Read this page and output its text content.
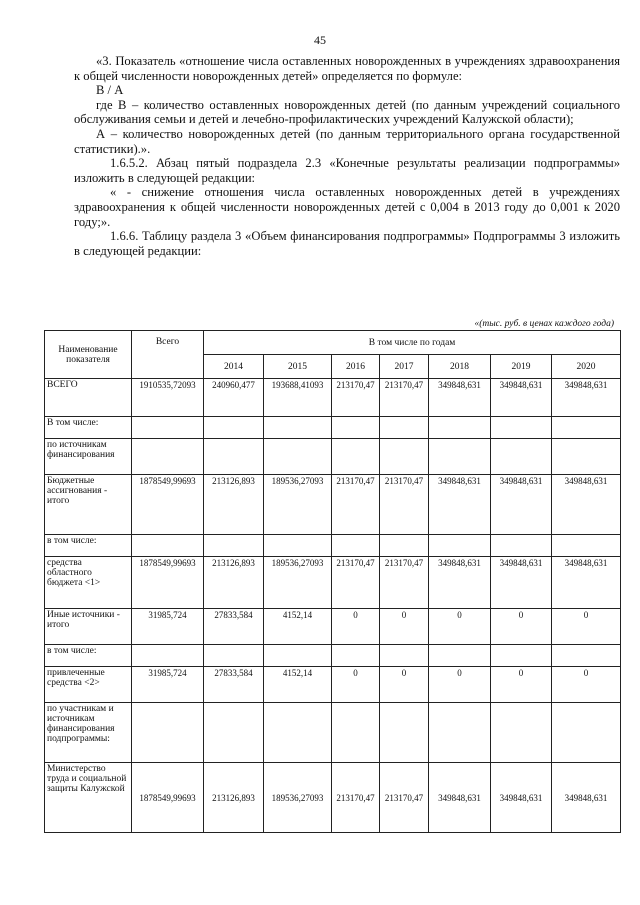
45

«3. Показатель «отношение числа оставленных новорожденных в учреждениях здравоохранения к общей численности новорожденных детей» определяется по формуле:

В / А

где В – количество оставленных новорожденных детей (по данным учреждений социального обслуживания семьи и детей и лечебно-профилактических учреждений Калужской области);

А – количество новорожденных детей (по данным территориального органа государственной статистики).».

1.6.5.2. Абзац пятый подраздела 2.3 «Конечные результаты реализации подпрограммы» изложить в следующей редакции:

« - снижение отношения числа оставленных новорожденных детей в учреждениях здравоохранения к общей численности новорожденных детей с 0,004 в 2013 году до 0,001 к 2020 году;».

1.6.6. Таблицу раздела 3 «Объем финансирования подпрограммы» Подпрограммы 3 изложить в следующей редакции:

«(тыс. руб. в ценах каждого года)
Наименование показателя	Всего	В том числе по годам						
		2014	2015	2016	2017	2018	2019	2020
ВСЕГО	1910535,72093	240960,477	193688,41093	213170,47	213170,47	349848,631	349848,631	349848,631
В том числе:								
по источникам финансирования								
Бюджетные ассигнования - итого	1878549,99693	213126,893	189536,27093	213170,47	213170,47	349848,631	349848,631	349848,631
в том числе:								
средства областного бюджета <1>	1878549,99693	213126,893	189536,27093	213170,47	213170,47	349848,631	349848,631	349848,631
Иные источники - итого	31985,724	27833,584	4152,14	0	0	0	0	0
в том числе:								
привлеченные средства <2>	31985,724	27833,584	4152,14	0	0	0	0	0
по участникам и источникам финансирования подпрограммы:								
Министерство труда и социальной защиты Калужской	1878549,99693	213126,893	189536,27093	213170,47	213170,47	349848,631	349848,631	349848,631
